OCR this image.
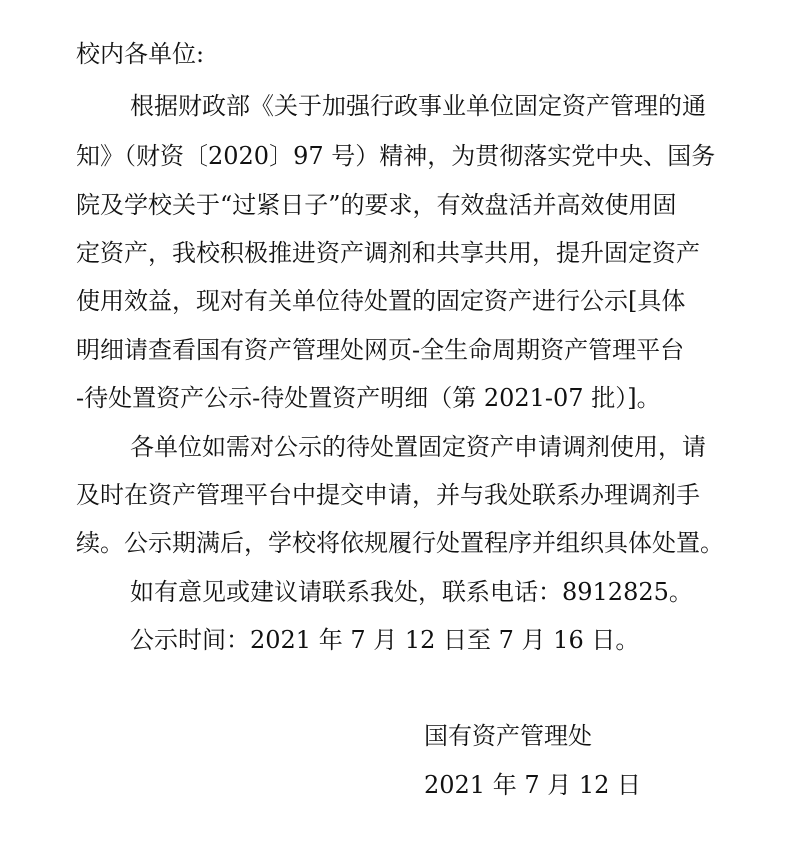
校内各单位:
根据财政部《关于加强行政事业单位固定资产管理的通
知》（财资〔2020〕97 号）精神，为贯彻落实党中央、国务
院及学校关于“过紧日子”的要求，有效盘活并高效使用固
定资产，我校积极推进资产调剂和共享共用，提升固定资产
使用效益，现对有关单位待处置的固定资产进行公示[具体
明细请查看国有资产管理处网页-全生命周期资产管理平台
-待处置资产公示-待处置资产明细（第 2021-07 批）]。
各单位如需对公示的待处置固定资产申请调剂使用，请
及时在资产管理平台中提交申请，并与我处联系办理调剂手
续。公示期满后，学校将依规履行处置程序并组织具体处置。
如有意见或建议请联系我处，联系电话：8912825。
公示时间：2021 年 7 月 12 日至 7 月 16 日。
国有资产管理处
2021 年 7 月 12 日
